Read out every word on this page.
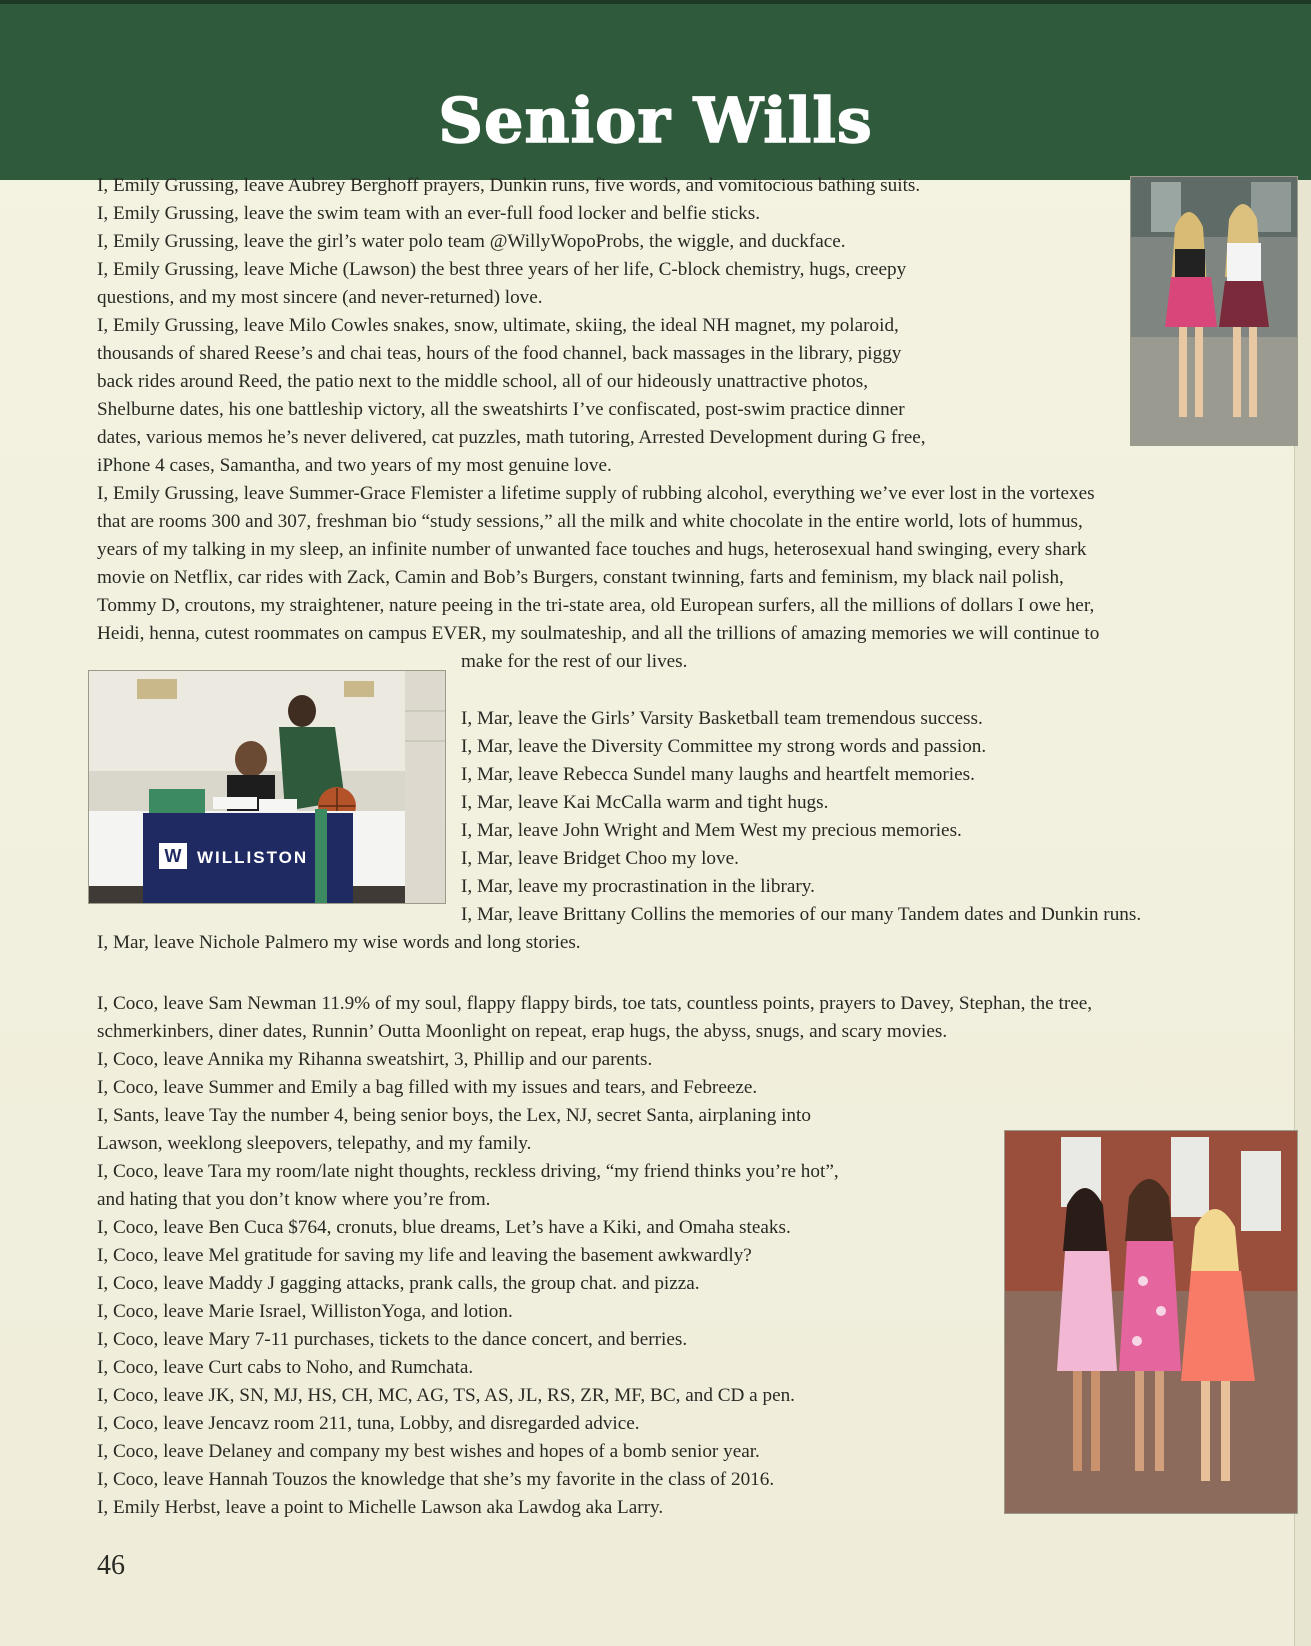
Senior Wills

I, Emily Grussing, leave Aubrey Berghoff prayers, Dunkin runs, five words, and vomitocious bathing suits.

I, Emily Grussing, leave the swim team with an ever-full food locker and belfie sticks.

I, Emily Grussing, leave the girl’s water polo team @WillyWopoProbs, the wiggle, and duckface.

I, Emily Grussing, leave Miche (Lawson) the best three years of her life, C-block chemistry, hugs, creepy

questions, and my most sincere (and never-returned) love.

I, Emily Grussing, leave Milo Cowles snakes, snow, ultimate, skiing, the ideal NH magnet, my polaroid,

thousands of shared Reese’s and chai teas, hours of the food channel, back massages in the library, piggy

back rides around Reed, the patio next to the middle school, all of our hideously unattractive photos,

Shelburne dates, his one battleship victory, all the sweatshirts I’ve confiscated, post-swim practice dinner

dates, various memos he’s never delivered, cat puzzles, math tutoring, Arrested Development during G free,

iPhone 4 cases, Samantha, and two years of my most genuine love.

I, Emily Grussing, leave Summer-Grace Flemister a lifetime supply of rubbing alcohol, everything we’ve ever lost in the vortexes

that are rooms 300 and 307, freshman bio “study sessions,” all the milk and white chocolate in the entire world, lots of hummus,

years of my talking in my sleep, an infinite number of unwanted face touches and hugs, heterosexual hand swinging, every shark

movie on Netflix, car rides with Zack, Camin and Bob’s Burgers, constant twinning, farts and feminism, my black nail polish,

Tommy D, croutons, my straightener, nature peeing in the tri-state area, old European surfers, all the millions of dollars I owe her,

Heidi, henna, cutest roommates on campus EVER, my soulmateship, and all the trillions of amazing memories we will continue to

make for the rest of our lives.

W WILLISTON

I, Mar, leave the Girls’ Varsity Basketball team tremendous success.

I, Mar, leave the Diversity Committee my strong words and passion.

I, Mar, leave Rebecca Sundel many laughs and heartfelt memories.

I, Mar, leave Kai McCalla warm and tight hugs.

I, Mar, leave John Wright and Mem West my precious memories.

I, Mar, leave Bridget Choo my love.

I, Mar, leave my procrastination in the library.

I, Mar, leave Brittany Collins the memories of our many Tandem dates and Dunkin runs.

I, Mar, leave Nichole Palmero my wise words and long stories.

I, Coco, leave Sam Newman 11.9% of my soul, flappy flappy birds, toe tats, countless points, prayers to Davey, Stephan, the tree,

schmerkinbers, diner dates, Runnin’ Outta Moonlight on repeat, erap hugs, the abyss, snugs, and scary movies.

I, Coco, leave Annika my Rihanna sweatshirt, 3, Phillip and our parents.

I, Coco, leave Summer and Emily a bag filled with my issues and tears, and Febreeze.

I, Sants, leave Tay the number 4, being senior boys, the Lex, NJ, secret Santa, airplaning into

Lawson, weeklong sleepovers, telepathy, and my family.

I, Coco, leave Tara my room/late night thoughts, reckless driving, “my friend thinks you’re hot”,

and hating that you don’t know where you’re from.

I, Coco, leave Ben Cuca $764, cronuts, blue dreams, Let’s have a Kiki, and Omaha steaks.

I, Coco, leave Mel gratitude for saving my life and leaving the basement awkwardly?

I, Coco, leave Maddy J gagging attacks, prank calls, the group chat. and pizza.

I, Coco, leave Marie Israel, WillistonYoga, and lotion.

I, Coco, leave Mary 7-11 purchases, tickets to the dance concert, and berries.

I, Coco, leave Curt cabs to Noho, and Rumchata.

I, Coco, leave JK, SN, MJ, HS, CH, MC, AG, TS, AS, JL, RS, ZR, MF, BC, and CD a pen.

I, Coco, leave Jencavz room 211, tuna, Lobby, and disregarded advice.

I, Coco, leave Delaney and company my best wishes and hopes of a bomb senior year.

I, Coco, leave Hannah Touzos the knowledge that she’s my favorite in the class of 2016.

I, Emily Herbst, leave a point to Michelle Lawson aka Lawdog aka Larry.

46
